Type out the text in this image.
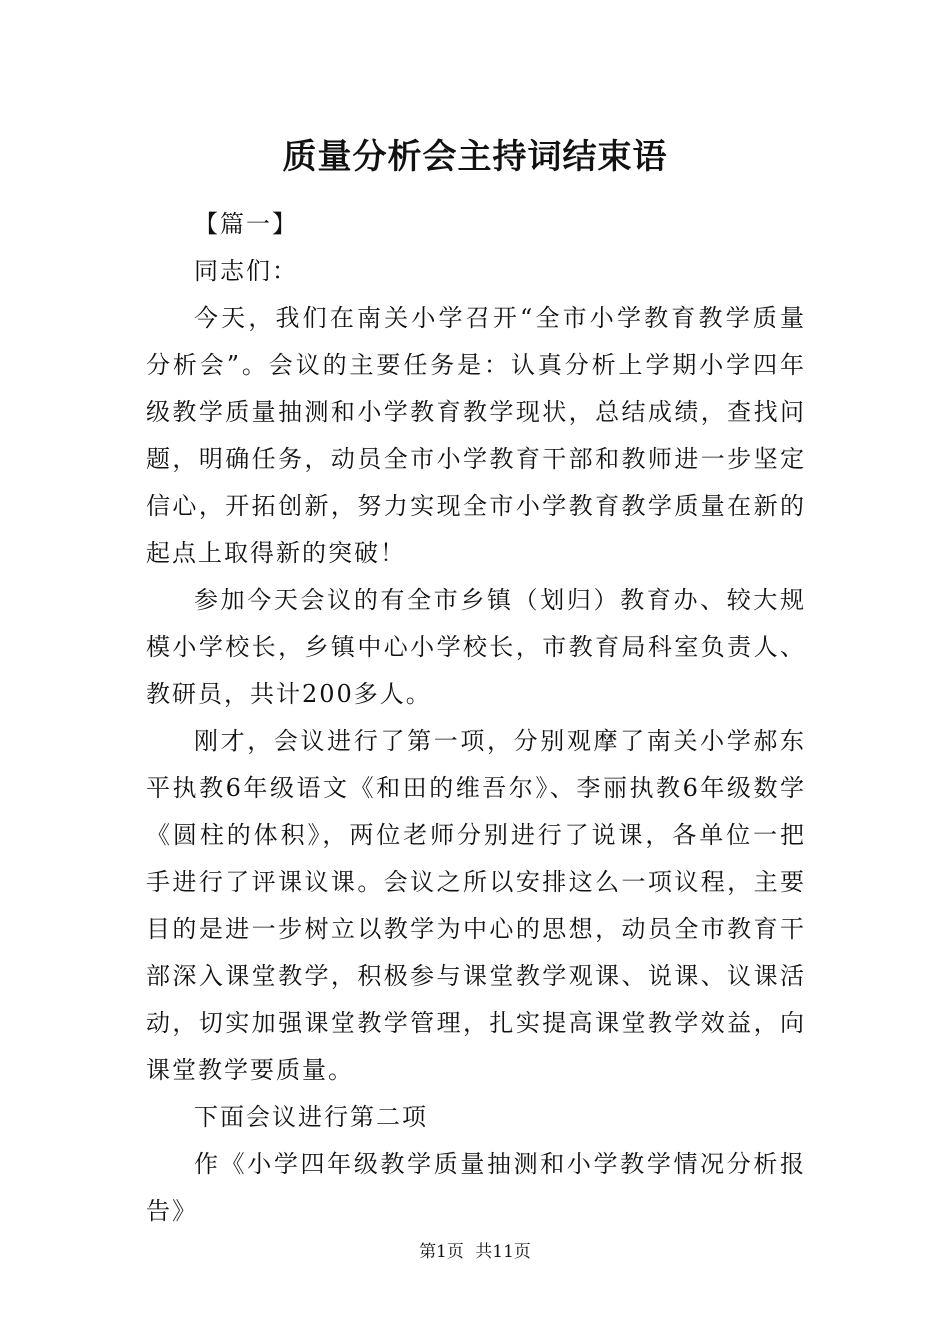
质量分析会主持词结束语

【篇一】

同志们：

今天，我们在南关小学召开“全市小学教育教学质量分析会”。会议的主要任务是：认真分析上学期小学四年级教学质量抽测和小学教育教学现状，总结成绩，查找问题，明确任务，动员全市小学教育干部和教师进一步坚定信心，开拓创新，努力实现全市小学教育教学质量在新的起点上取得新的突破！

参加今天会议的有全市乡镇（划归）教育办、较大规模小学校长，乡镇中心小学校长，市教育局科室负责人、教研员，共计200多人。

刚才，会议进行了第一项，分别观摩了南关小学郝东平执教6年级语文《和田的维吾尔》、李丽执教6年级数学《圆柱的体积》，两位老师分别进行了说课，各单位一把手进行了评课议课。会议之所以安排这么一项议程，主要目的是进一步树立以教学为中心的思想，动员全市教育干部深入课堂教学，积极参与课堂教学观课、说课、议课活动，切实加强课堂教学管理，扎实提高课堂教学效益，向课堂教学要质量。

下面会议进行第二项

作《小学四年级教学质量抽测和小学教学情况分析报告》

第1页 共11页
